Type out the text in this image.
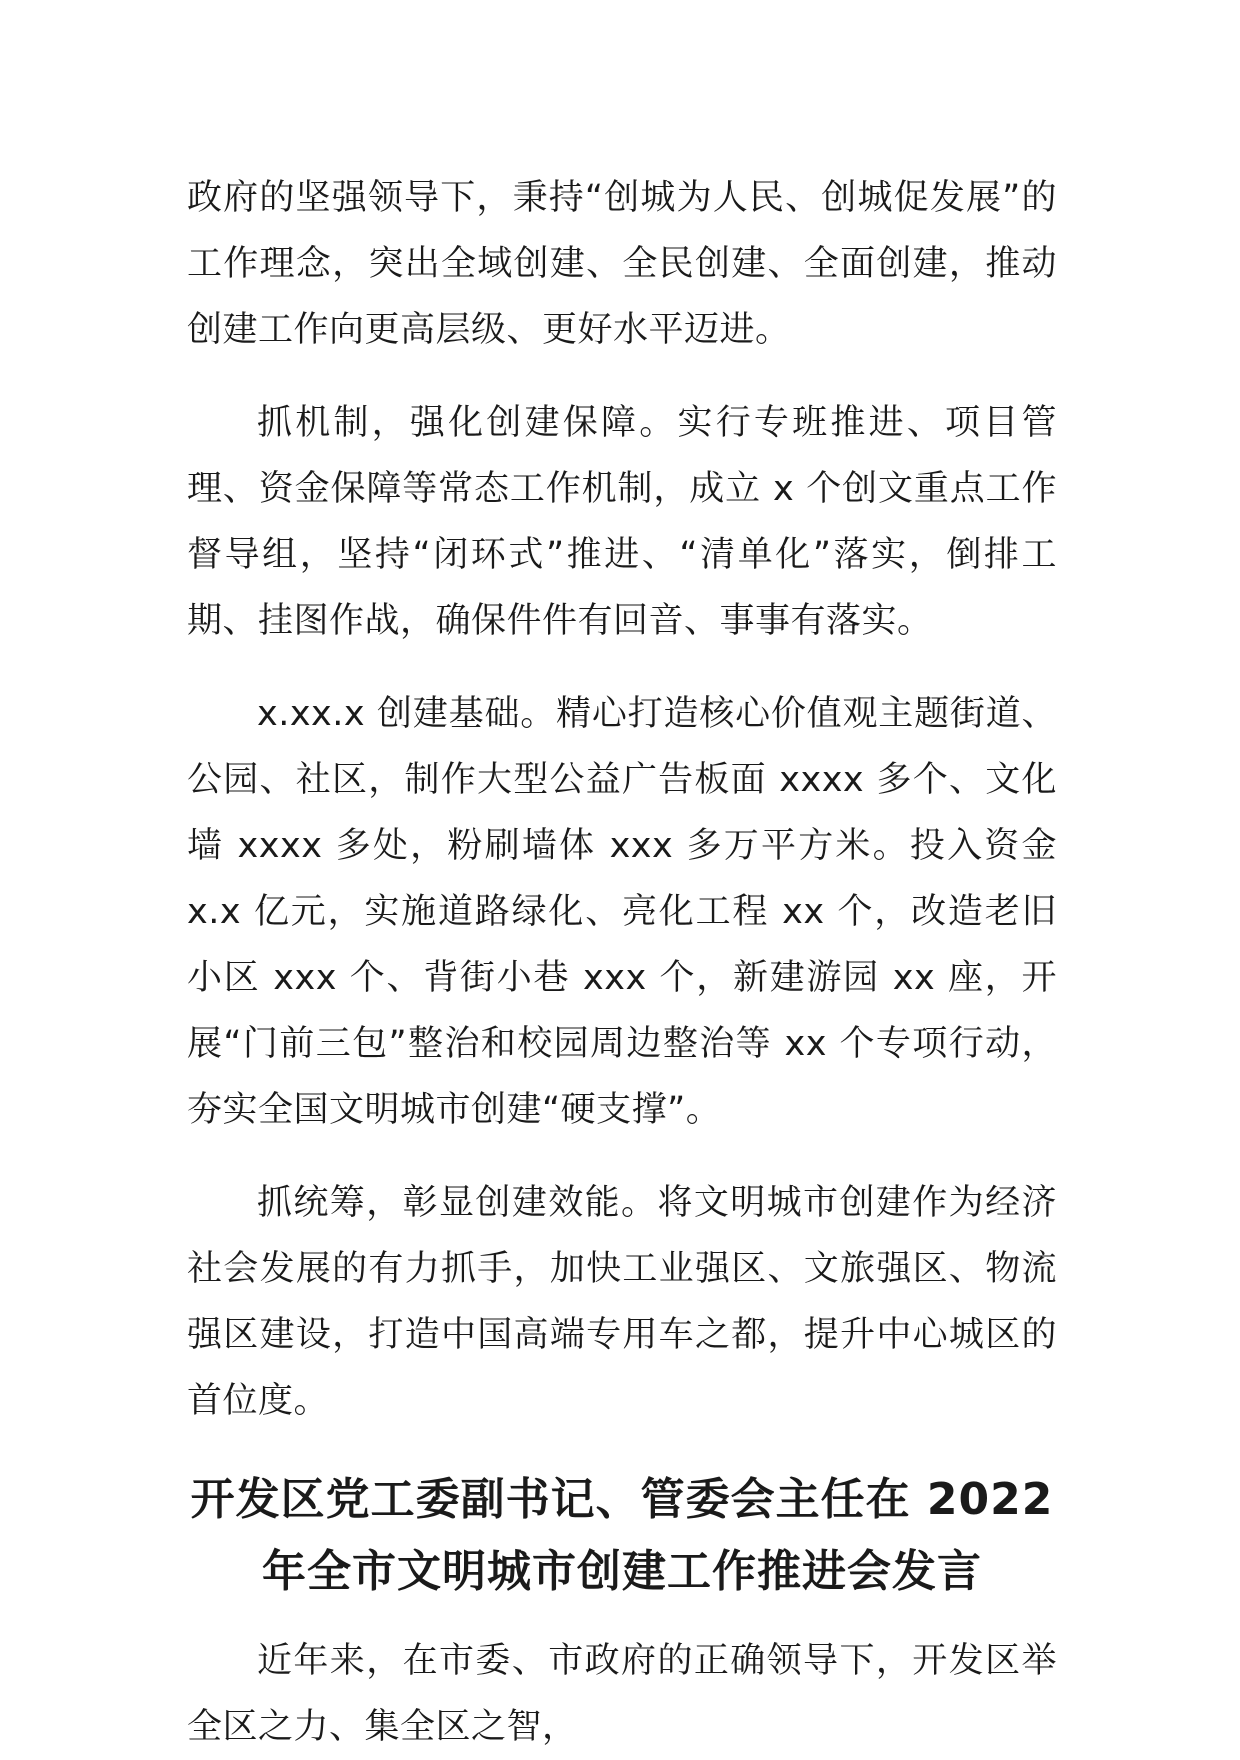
政府的坚强领导下，秉持“创城为人民、创城促发展”的工作理念，突出全域创建、全民创建、全面创建，推动创建工作向更高层级、更好水平迈进。

抓机制，强化创建保障。实行专班推进、项目管理、资金保障等常态工作机制，成立 x 个创文重点工作督导组，坚持“闭环式”推进、“清单化”落实，倒排工期、挂图作战，确保件件有回音、事事有落实。

x.xx.x 创建基础。精心打造核心价值观主题街道、公园、社区，制作大型公益广告板面 xxxx 多个、文化墙 xxxx 多处，粉刷墙体 xxx 多万平方米。投入资金 x.x 亿元，实施道路绿化、亮化工程 xx 个，改造老旧小区 xxx 个、背街小巷 xxx 个，新建游园 xx 座，开展“门前三包”整治和校园周边整治等 xx 个专项行动，夯实全国文明城市创建“硬支撑”。

抓统筹，彰显创建效能。将文明城市创建作为经济社会发展的有力抓手，加快工业强区、文旅强区、物流强区建设，打造中国高端专用车之都，提升中心城区的首位度。

开发区党工委副书记、管委会主任在 2022 年全市文明城市创建工作推进会发言

近年来，在市委、市政府的正确领导下，开发区举全区之力、集全区之智，
